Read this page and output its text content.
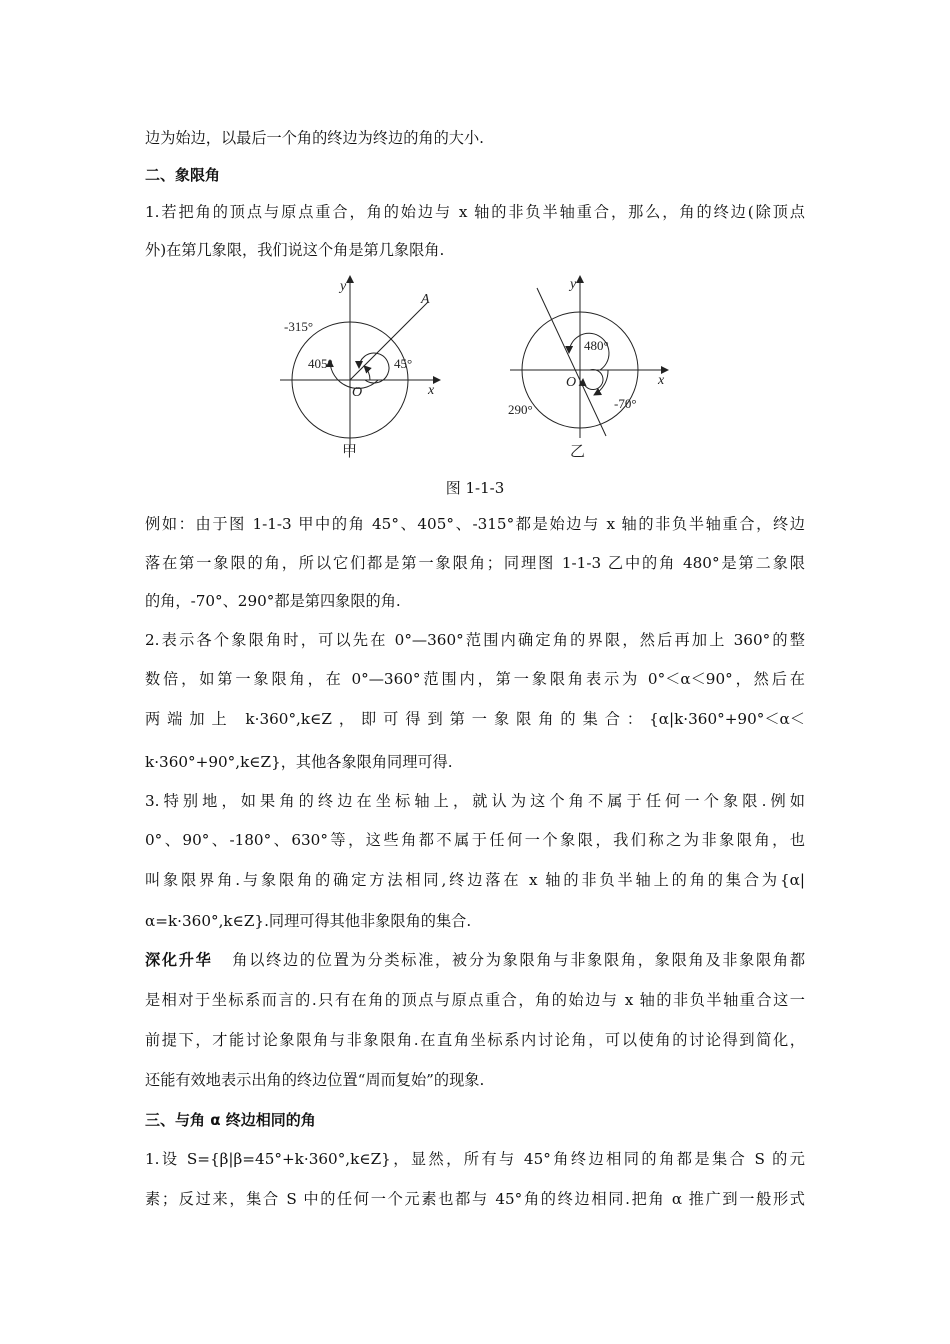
边为始边，以最后一个角的终边为终边的角的大小.
二、象限角
1.若把角的顶点与原点重合，角的始边与 x 轴的非负半轴重合，那么，角的终边(除顶点
外)在第几象限，我们说这个角是第几象限角.
y
x
O
A
-315°
405°	45°
甲
y
x
O
480°
-70°
290°
乙
图 1-1-3
例如：由于图 1-1-3 甲中的角 45°、405°、-315°都是始边与 x 轴的非负半轴重合，终边
落在第一象限的角，所以它们都是第一象限角；同理图 1-1-3 乙中的角 480°是第二象限
的角，-70°、290°都是第四象限的角.
2.表示各个象限角时，可以先在 0°—360°范围内确定角的界限，然后再加上 360°的整
数倍，如第一象限角，在 0°—360°范围内，第一象限角表示为 0°＜α＜90°，然后在
两端加上 k·360°,k∈Z，即可得到第一象限角的集合：{α|k·360°+90°＜α＜
k·360°+90°,k∈Z}，其他各象限角同理可得.
3.特别地，如果角的终边在坐标轴上，就认为这个角不属于任何一个象限.例如
0°、90°、-180°、630°等，这些角都不属于任何一个象限，我们称之为非象限角，也
叫象限界角.与象限角的确定方法相同,终边落在 x 轴的非负半轴上的角的集合为{α|
α=k·360°,k∈Z}.同理可得其他非象限角的集合.
深化升华 角以终边的位置为分类标准，被分为象限角与非象限角，象限角及非象限角都
是相对于坐标系而言的.只有在角的顶点与原点重合，角的始边与 x 轴的非负半轴重合这一
前提下，才能讨论象限角与非象限角.在直角坐标系内讨论角，可以使角的讨论得到简化，
还能有效地表示出角的终边位置“周而复始”的现象.
三、与角 α 终边相同的角
1.设 S={β|β=45°+k·360°,k∈Z}，显然，所有与 45°角终边相同的角都是集合 S 的元
素；反过来，集合 S 中的任何一个元素也都与 45°角的终边相同.把角 α 推广到一般形式
